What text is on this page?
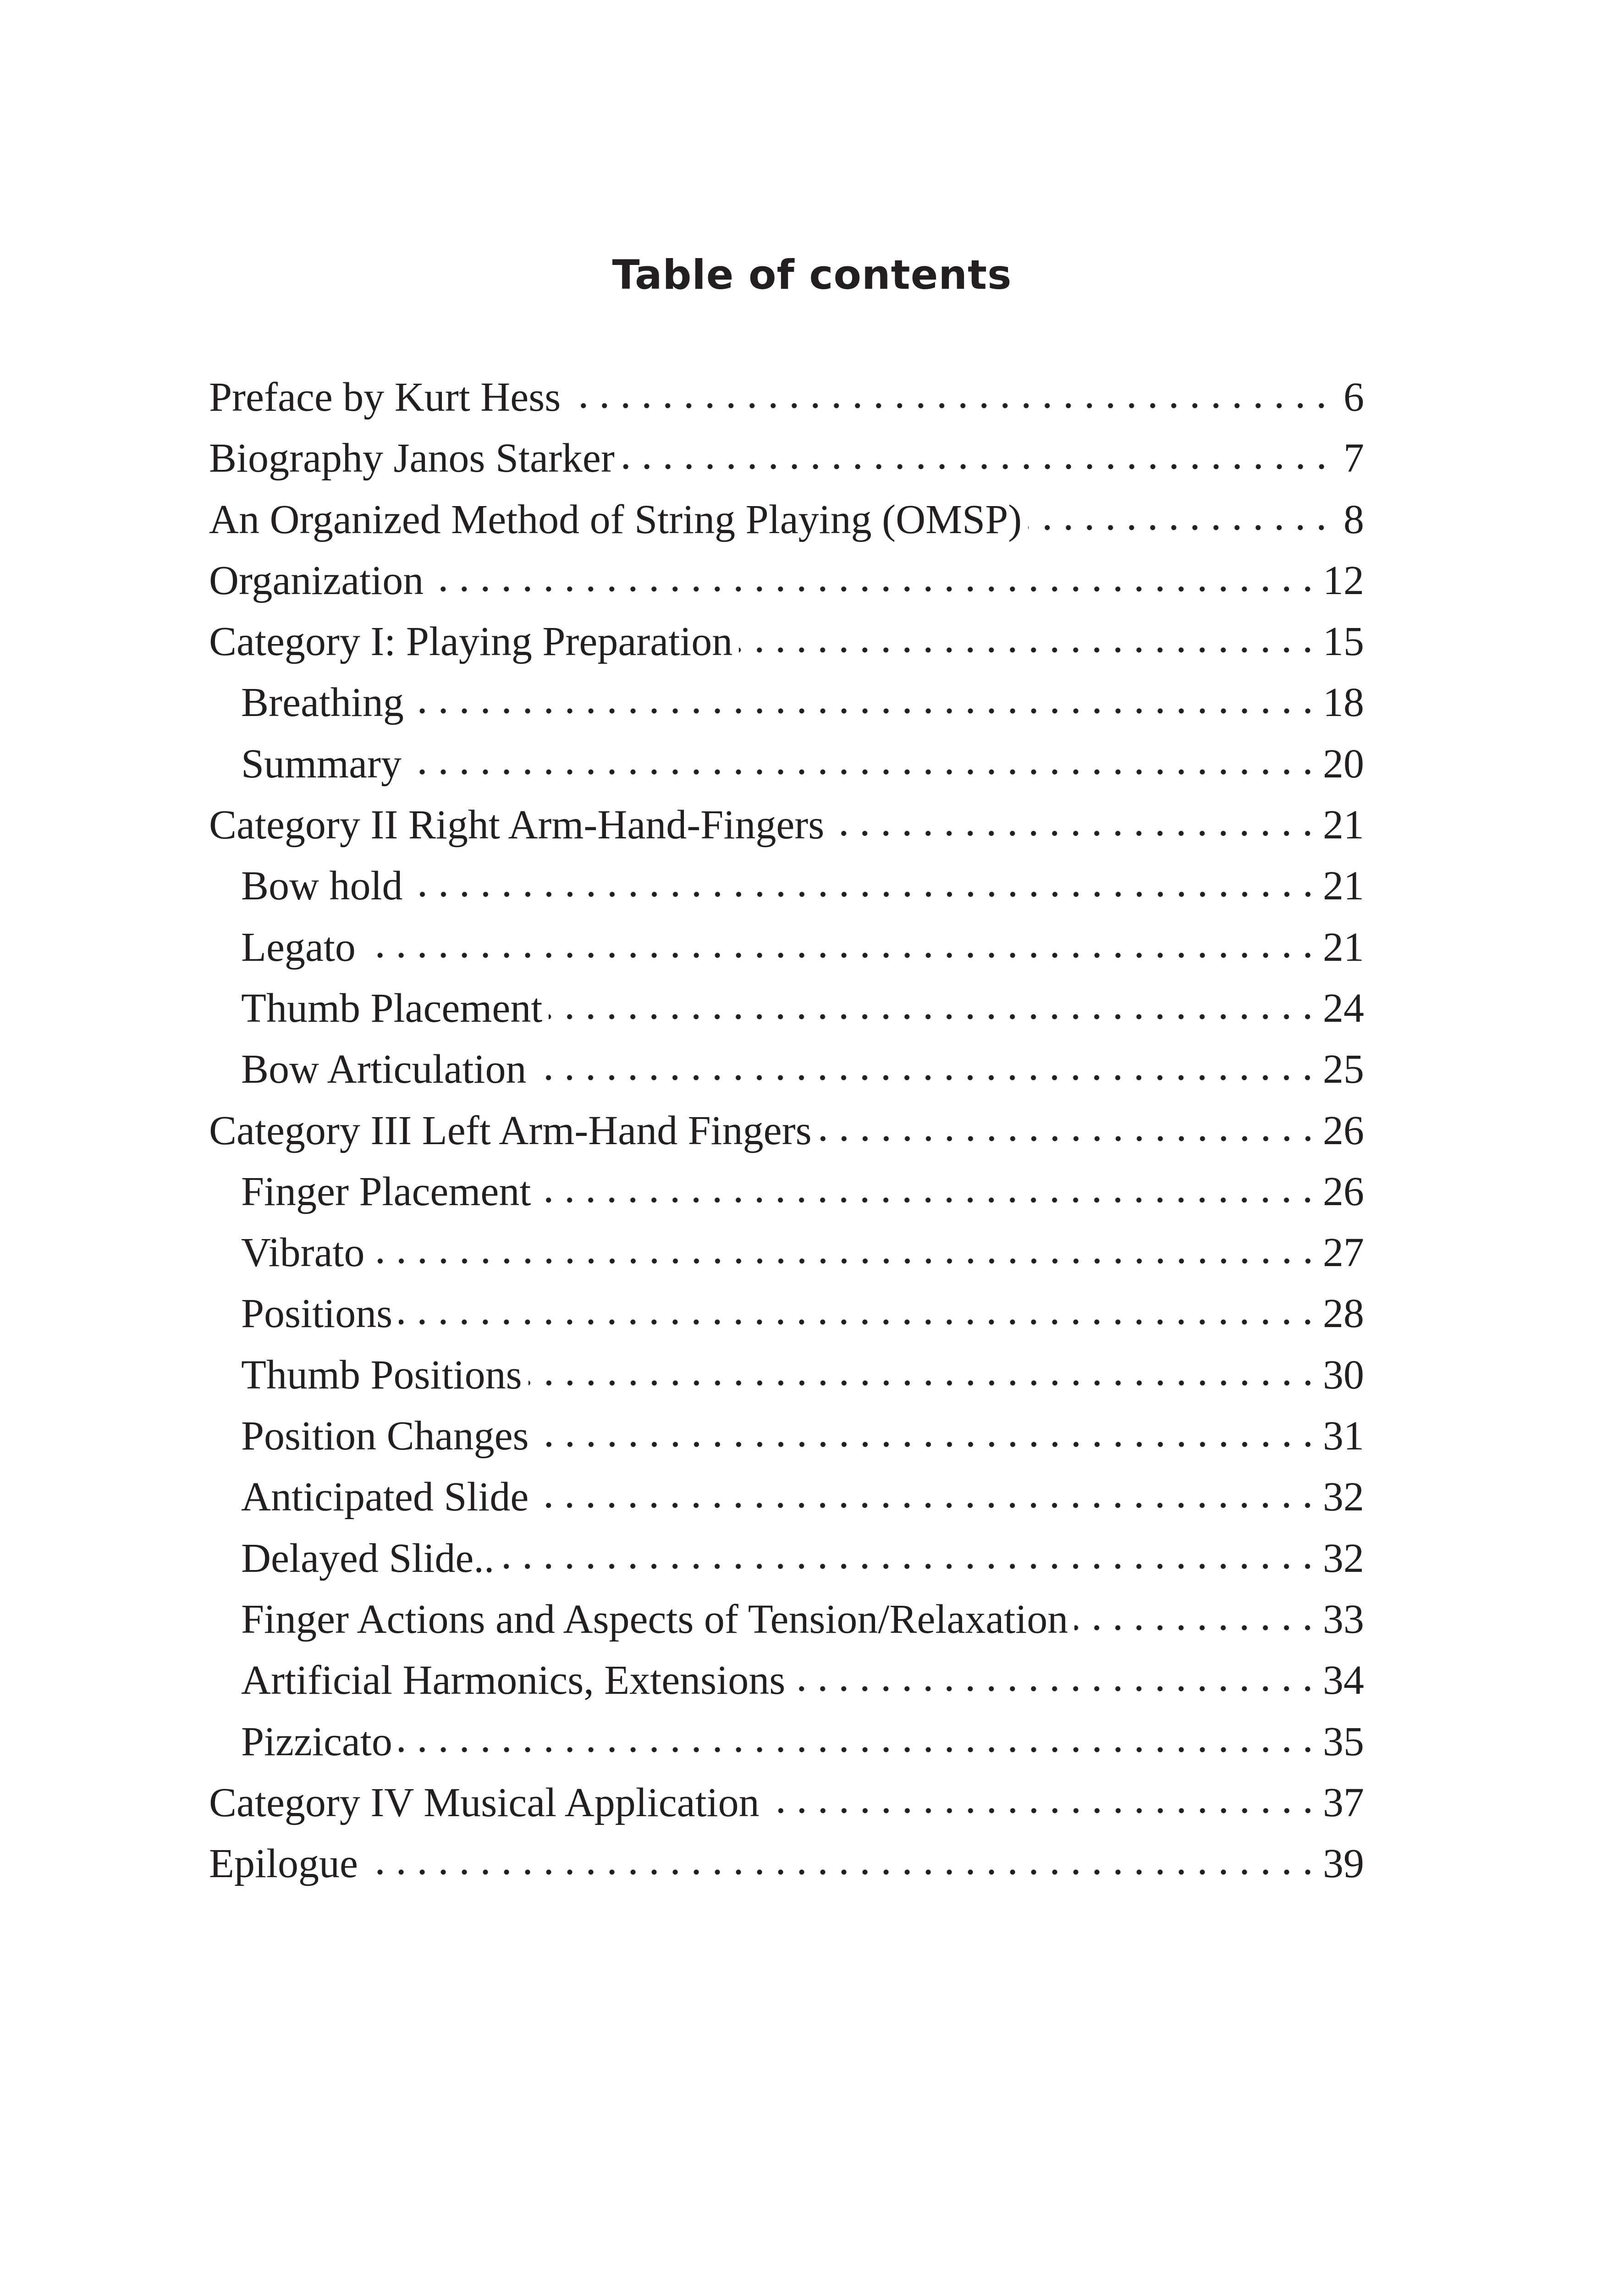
Table of contents
Preface by Kurt Hess	6
Biography Janos Starker	7
An Organized Method of String Playing (OMSP)	8
Organization	12
Category I: Playing Preparation	15
Breathing	18
Summary	20
Category II Right Arm-Hand-Fingers	21
Bow hold	21
Legato	21
Thumb Placement	24
Bow Articulation	25
Category III Left Arm-Hand Fingers	26
Finger Placement	26
Vibrato	27
Positions	28
Thumb Positions	30
Position Changes	31
Anticipated Slide	32
Delayed Slide..	32
Finger Actions and Aspects of Tension/Relaxation	33
Artificial Harmonics, Extensions	34
Pizzicato	35
Category IV Musical Application	37
Epilogue	39
